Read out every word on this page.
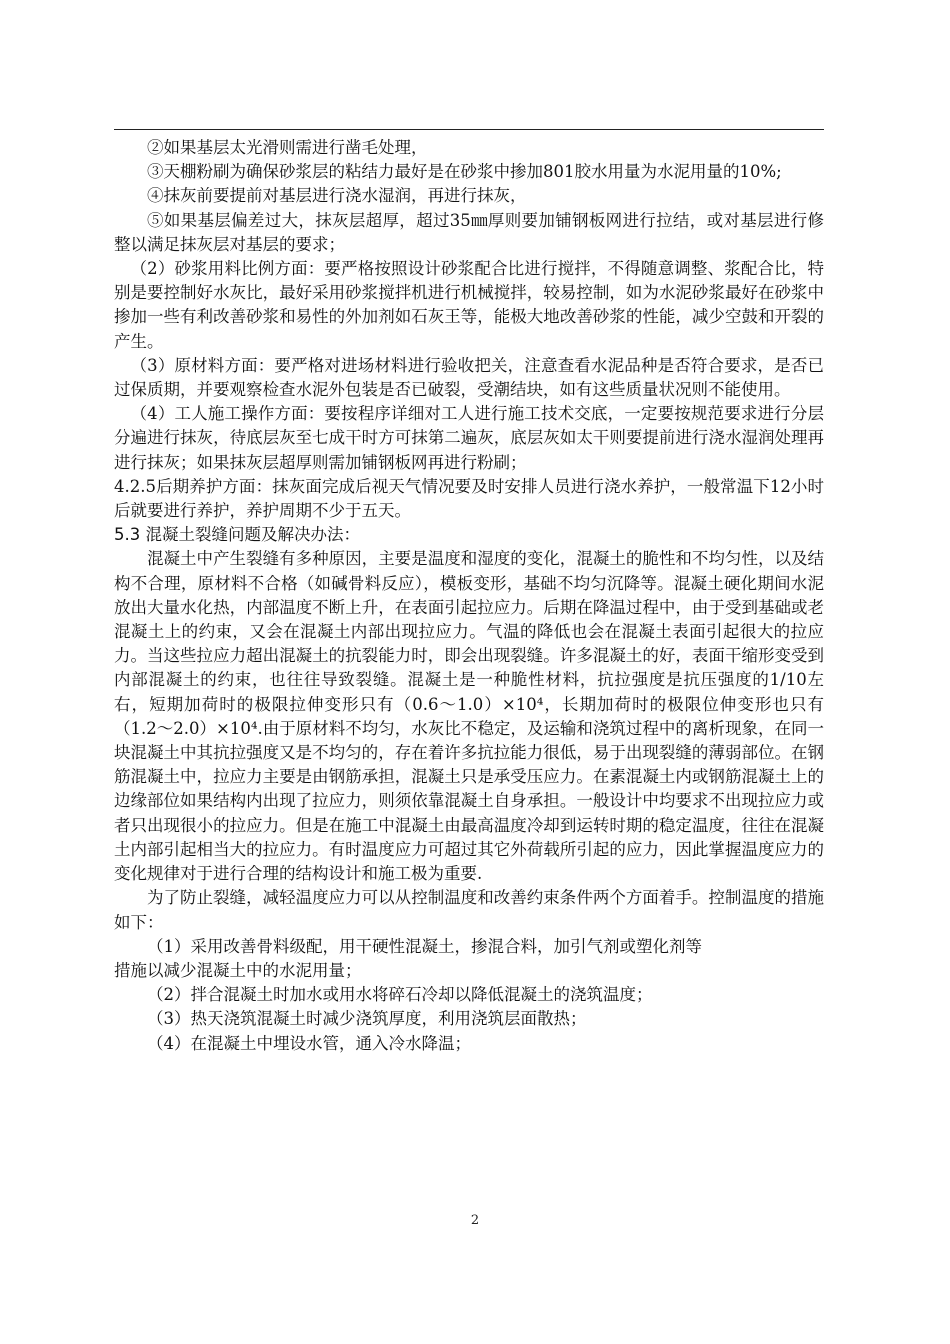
②如果基层太光滑则需进行凿毛处理，

③天棚粉刷为确保砂浆层的粘结力最好是在砂浆中掺加801胶水用量为水泥用量的10%;

④抹灰前要提前对基层进行浇水湿润，再进行抹灰，

⑤如果基层偏差过大，抹灰层超厚，超过35㎜厚则要加铺钢板网进行拉结，或对基层进行修整以满足抹灰层对基层的要求；

（2）砂浆用料比例方面：要严格按照设计砂浆配合比进行搅拌，不得随意调整、浆配合比，特别是要控制好水灰比，最好采用砂浆搅拌机进行机械搅拌，较易控制，如为水泥砂浆最好在砂浆中掺加一些有利改善砂浆和易性的外加剂如石灰王等，能极大地改善砂浆的性能，减少空鼓和开裂的产生。

（3）原材料方面：要严格对进场材料进行验收把关，注意查看水泥品种是否符合要求，是否已过保质期，并要观察检查水泥外包装是否已破裂，受潮结块，如有这些质量状况则不能使用。

（4）工人施工操作方面：要按程序详细对工人进行施工技术交底，一定要按规范要求进行分层分遍进行抹灰，待底层灰至七成干时方可抹第二遍灰，底层灰如太干则要提前进行浇水湿润处理再进行抹灰；如果抹灰层超厚则需加铺钢板网再进行粉刷；

4.2.5后期养护方面：抹灰面完成后视天气情况要及时安排人员进行浇水养护，一般常温下12小时后就要进行养护，养护周期不少于五天。

5.3 混凝土裂缝问题及解决办法：

混凝土中产生裂缝有多种原因，主要是温度和湿度的变化，混凝土的脆性和不均匀性，以及结构不合理，原材料不合格（如碱骨料反应），模板变形，基础不均匀沉降等。混凝土硬化期间水泥放出大量水化热，内部温度不断上升，在表面引起拉应力。后期在降温过程中，由于受到基础或老混凝土上的约束，又会在混凝土内部出现拉应力。气温的降低也会在混凝土表面引起很大的拉应力。当这些拉应力超出混凝土的抗裂能力时，即会出现裂缝。许多混凝土的好，表面干缩形变受到内部混凝土的约束，也往往导致裂缝。混凝土是一种脆性材料，抗拉强度是抗压强度的1/10左右，短期加荷时的极限拉伸变形只有（0.6～1.0）×10⁴，长期加荷时的极限位伸变形也只有（1.2～2.0）×10⁴.由于原材料不均匀，水灰比不稳定，及运输和浇筑过程中的离析现象，在同一块混凝土中其抗拉强度又是不均匀的，存在着许多抗拉能力很低，易于出现裂缝的薄弱部位。在钢筋混凝土中，拉应力主要是由钢筋承担，混凝土只是承受压应力。在素混凝土内或钢筋混凝土上的边缘部位如果结构内出现了拉应力，则须依靠混凝土自身承担。一般设计中均要求不出现拉应力或者只出现很小的拉应力。但是在施工中混凝土由最高温度冷却到运转时期的稳定温度，往往在混凝土内部引起相当大的拉应力。有时温度应力可超过其它外荷载所引起的应力，因此掌握温度应力的变化规律对于进行合理的结构设计和施工极为重要.

为了防止裂缝，减轻温度应力可以从控制温度和改善约束条件两个方面着手。控制温度的措施如下：

（1）采用改善骨料级配，用干硬性混凝土，掺混合料，加引气剂或塑化剂等

措施以减少混凝土中的水泥用量；

（2）拌合混凝土时加水或用水将碎石冷却以降低混凝土的浇筑温度；

（3）热天浇筑混凝土时减少浇筑厚度，利用浇筑层面散热；

（4）在混凝土中埋设水管，通入冷水降温；

2
